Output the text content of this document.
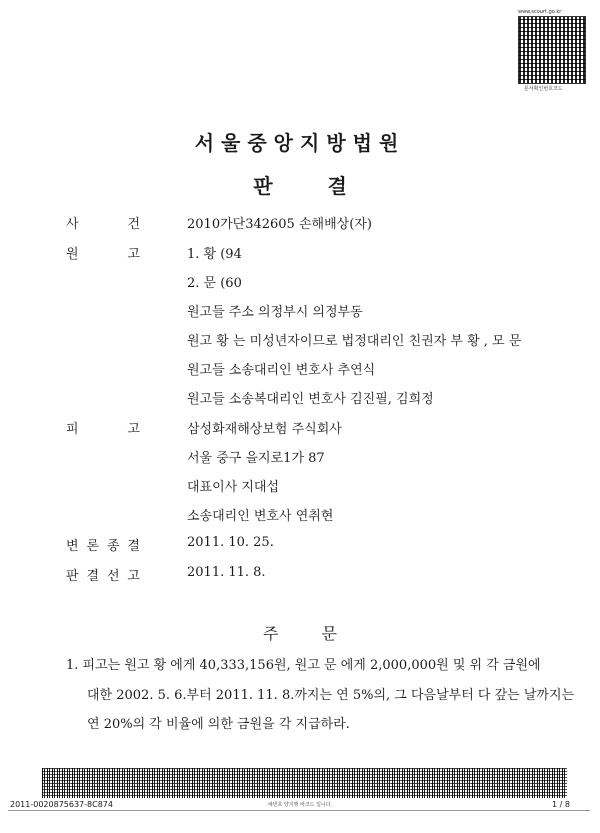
www.scourt.go.kr
문서확인번호코드
서울중앙지방법원
판 결
사	건	2010가단342605 손해배상(자)
원	고	1. 황 (94
2. 문 (60
원고들 주소 의정부시 의정부동
원고 황 는 미성년자이므로 법정대리인 친권자 부 황 , 모 문
원고들 소송대리인 변호사 추연식
원고들 소송복대리인 변호사 김진필, 김희정
피	고	삼성화재해상보험 주식회사
서울 중구 을지로1가 87
대표이사 지대섭
소송대리인 변호사 연취현
변 론 종 결	2011. 10. 25.
판 결 선 고	2011. 11. 8.
주 문
1. 피고는 원고 황 에게 40,333,156원, 원고 문 에게 2,000,000원 및 위 각 금원에
대한 2002. 5. 6.부터 2011. 11. 8.까지는 연 5%의, 그 다음날부터 다 갚는 날까지는
연 20%의 각 비율에 의한 금원을 각 지급하라.
2011-0020875637-8C874	예빈호 양지행 바코드 입니다.	1 / 8
